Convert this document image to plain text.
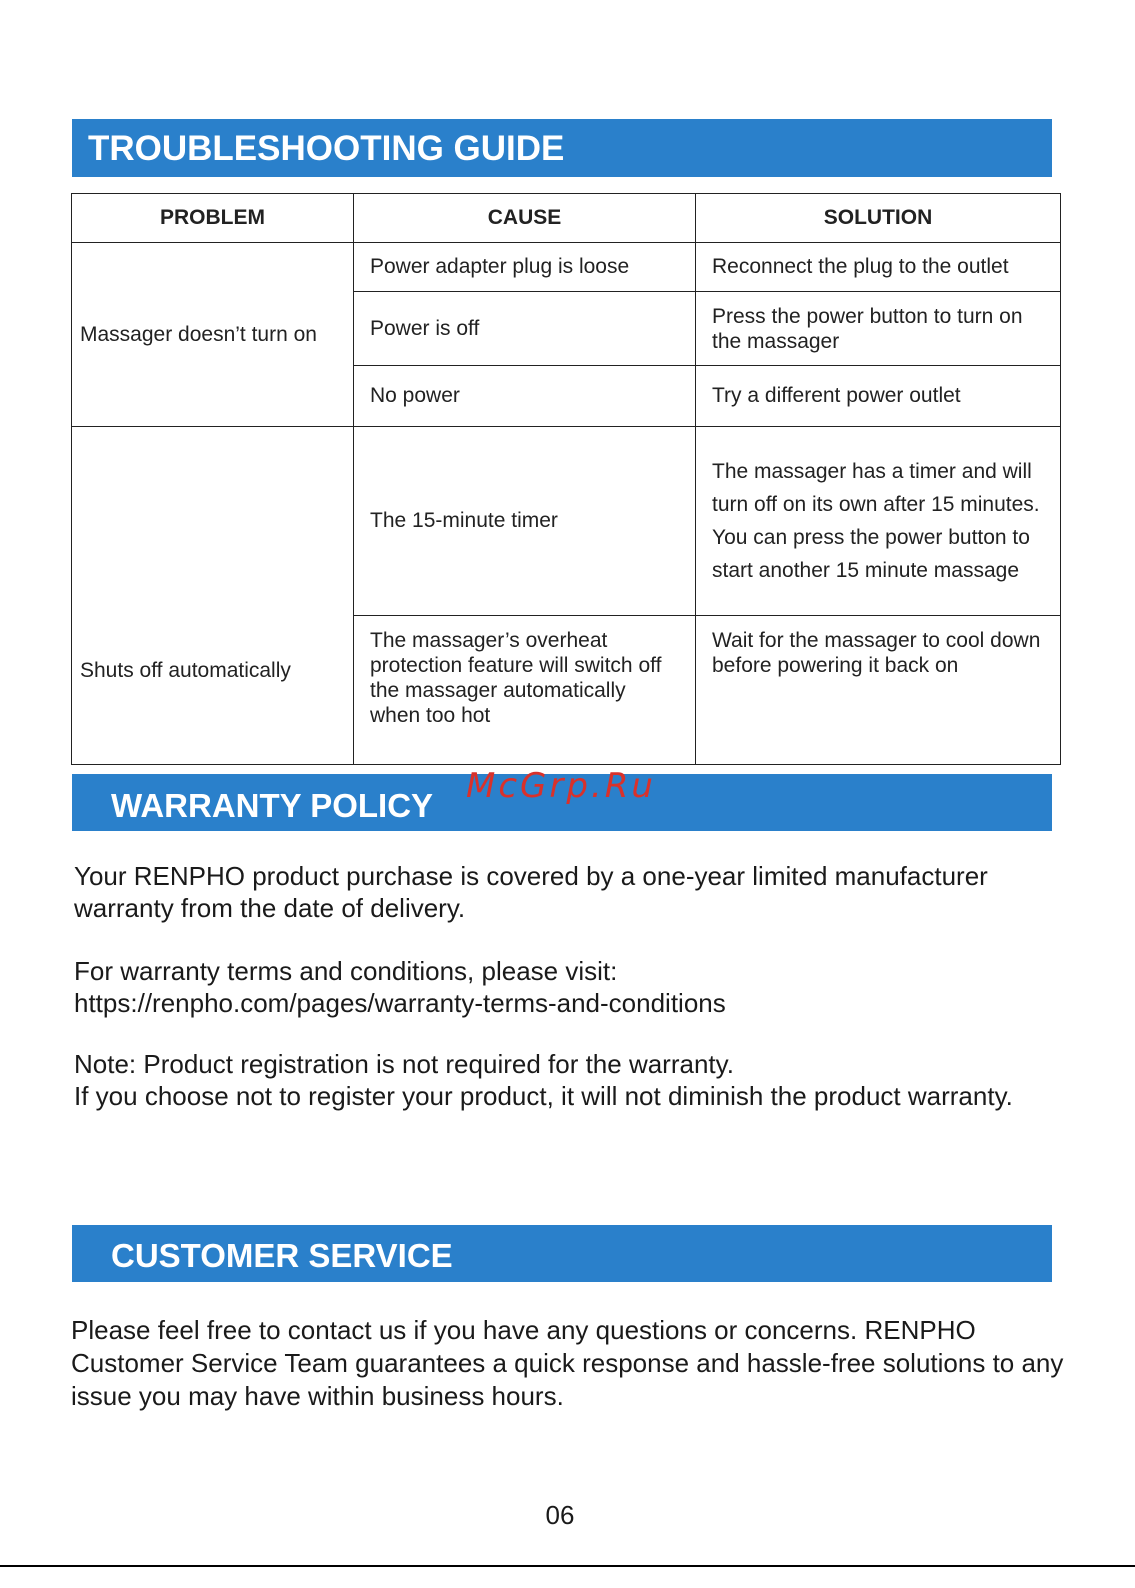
TROUBLESHOOTING GUIDE
PROBLEM	CAUSE	SOLUTION
Massager doesn’t turn on	Power adapter plug is loose	Reconnect the plug to the outlet
	Power is off	Press the power button to turn on the massager
	No power	Try a different power outlet
Shuts off automatically	The 15-minute timer	The massager has a timer and will turn off on its own after 15 minutes. You can press the power button to start another 15 minute massage
	The massager’s overheat protection feature will switch off the massager automatically when too hot	Wait for the massager to cool down before powering it back on
WARRANTY POLICY McGrp.Ru

Your RENPHO product purchase is covered by a one-year limited manufacturer warranty from the date of delivery.

For warranty terms and conditions, please visit:
https://renpho.com/pages/warranty-terms-and-conditions

Note: Product registration is not required for the warranty.
If you choose not to register your product, it will not diminish the product warranty.

CUSTOMER SERVICE

Please feel free to contact us if you have any questions or concerns. RENPHO Customer Service Team guarantees a quick response and hassle-free solutions to any issue you may have within business hours.

06
